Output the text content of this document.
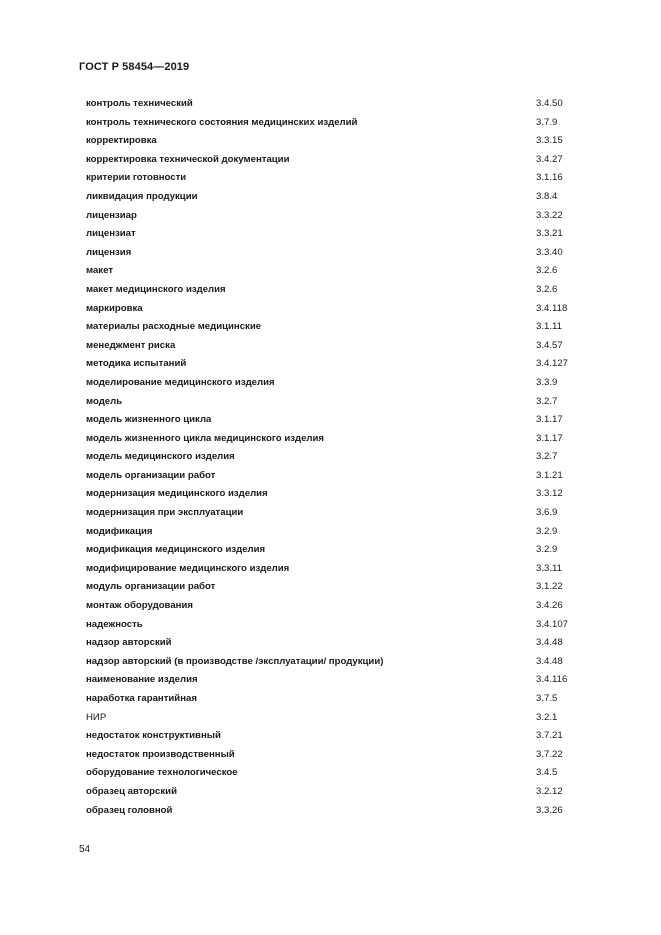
ГОСТ Р 58454—2019
контроль технический	3.4.50
контроль технического состояния медицинских изделий	3.7.9
корректировка	3.3.15
корректировка технической документации	3.4.27
критерии готовности	3.1.16
ликвидация продукции	3.8.4
лицензиар	3.3.22
лицензиат	3.3.21
лицензия	3.3.40
макет	3.2.6
макет медицинского изделия	3.2.6
маркировка	3.4.118
материалы расходные медицинские	3.1.11
менеджмент риска	3.4.57
методика испытаний	3.4.127
моделирование медицинского изделия	3.3.9
модель	3.2.7
модель жизненного цикла	3.1.17
модель жизненного цикла медицинского изделия	3.1.17
модель медицинского изделия	3.2.7
модель организации работ	3.1.21
модернизация медицинского изделия	3.3.12
модернизация при эксплуатации	3.6.9
модификация	3.2.9
модификация медицинского изделия	3.2.9
модифицирование медицинского изделия	3.3.11
модуль организации работ	3.1.22
монтаж оборудования	3.4.26
надежность	3.4.107
надзор авторский	3.4.48
надзор авторский (в производстве /эксплуатации/ продукции)	3.4.48
наименование изделия	3.4.116
наработка гарантийная	3.7.5
НИР	3.2.1
недостаток конструктивный	3.7.21
недостаток производственный	3.7.22
оборудование технологическое	3.4.5
образец авторский	3.2.12
образец головной	3.3.26
54
